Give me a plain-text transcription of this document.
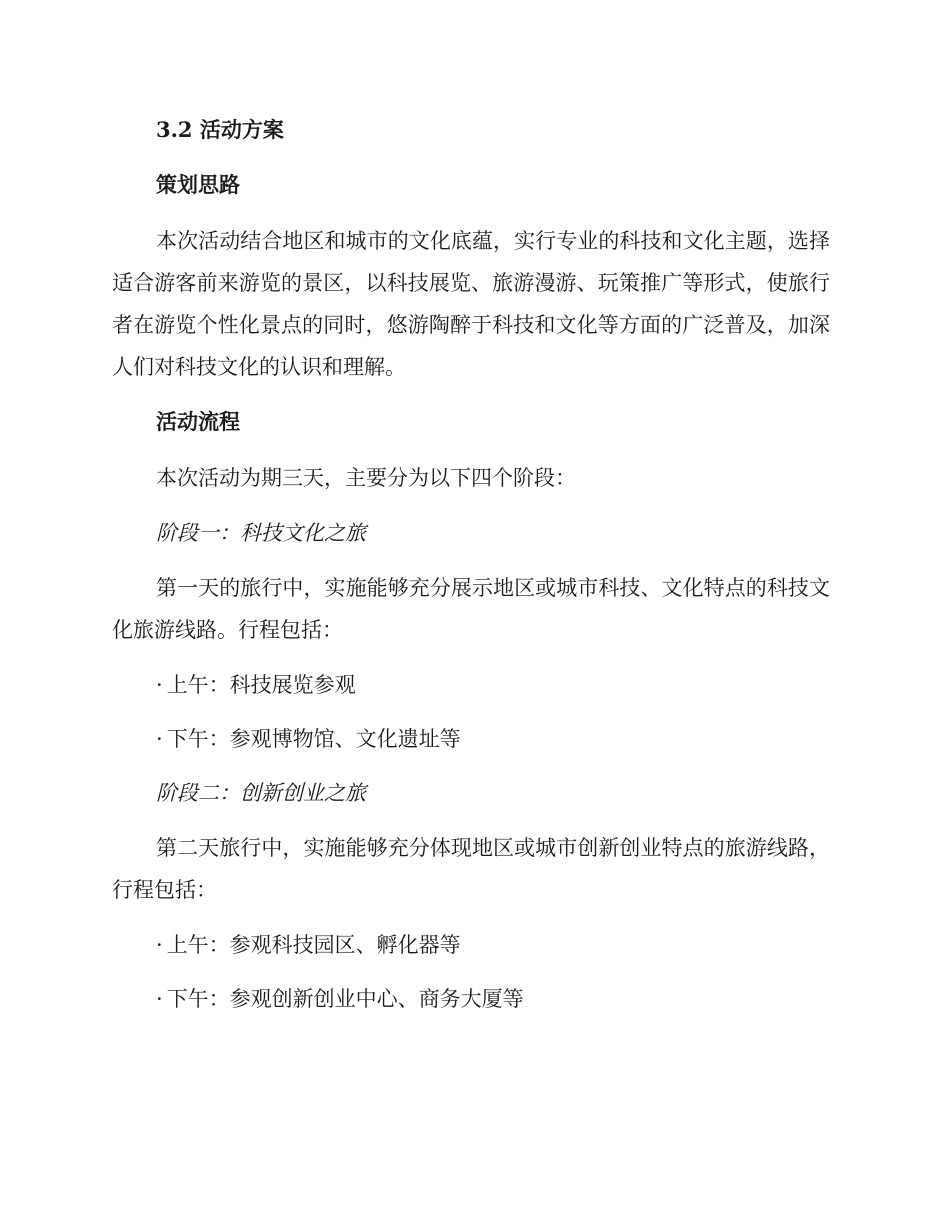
3.2 活动方案

策划思路

本次活动结合地区和城市的文化底蕴，实行专业的科技和文化主题，选择适合游客前来游览的景区，以科技展览、旅游漫游、玩策推广等形式，使旅行者在游览个性化景点的同时，悠游陶醉于科技和文化等方面的广泛普及，加深人们对科技文化的认识和理解。

活动流程

本次活动为期三天，主要分为以下四个阶段：

阶段一：科技文化之旅

第一天的旅行中，实施能够充分展示地区或城市科技、文化特点的科技文化旅游线路。行程包括：

· 上午：科技展览参观

· 下午：参观博物馆、文化遗址等

阶段二：创新创业之旅

第二天旅行中，实施能够充分体现地区或城市创新创业特点的旅游线路，行程包括：

· 上午：参观科技园区、孵化器等

· 下午：参观创新创业中心、商务大厦等
